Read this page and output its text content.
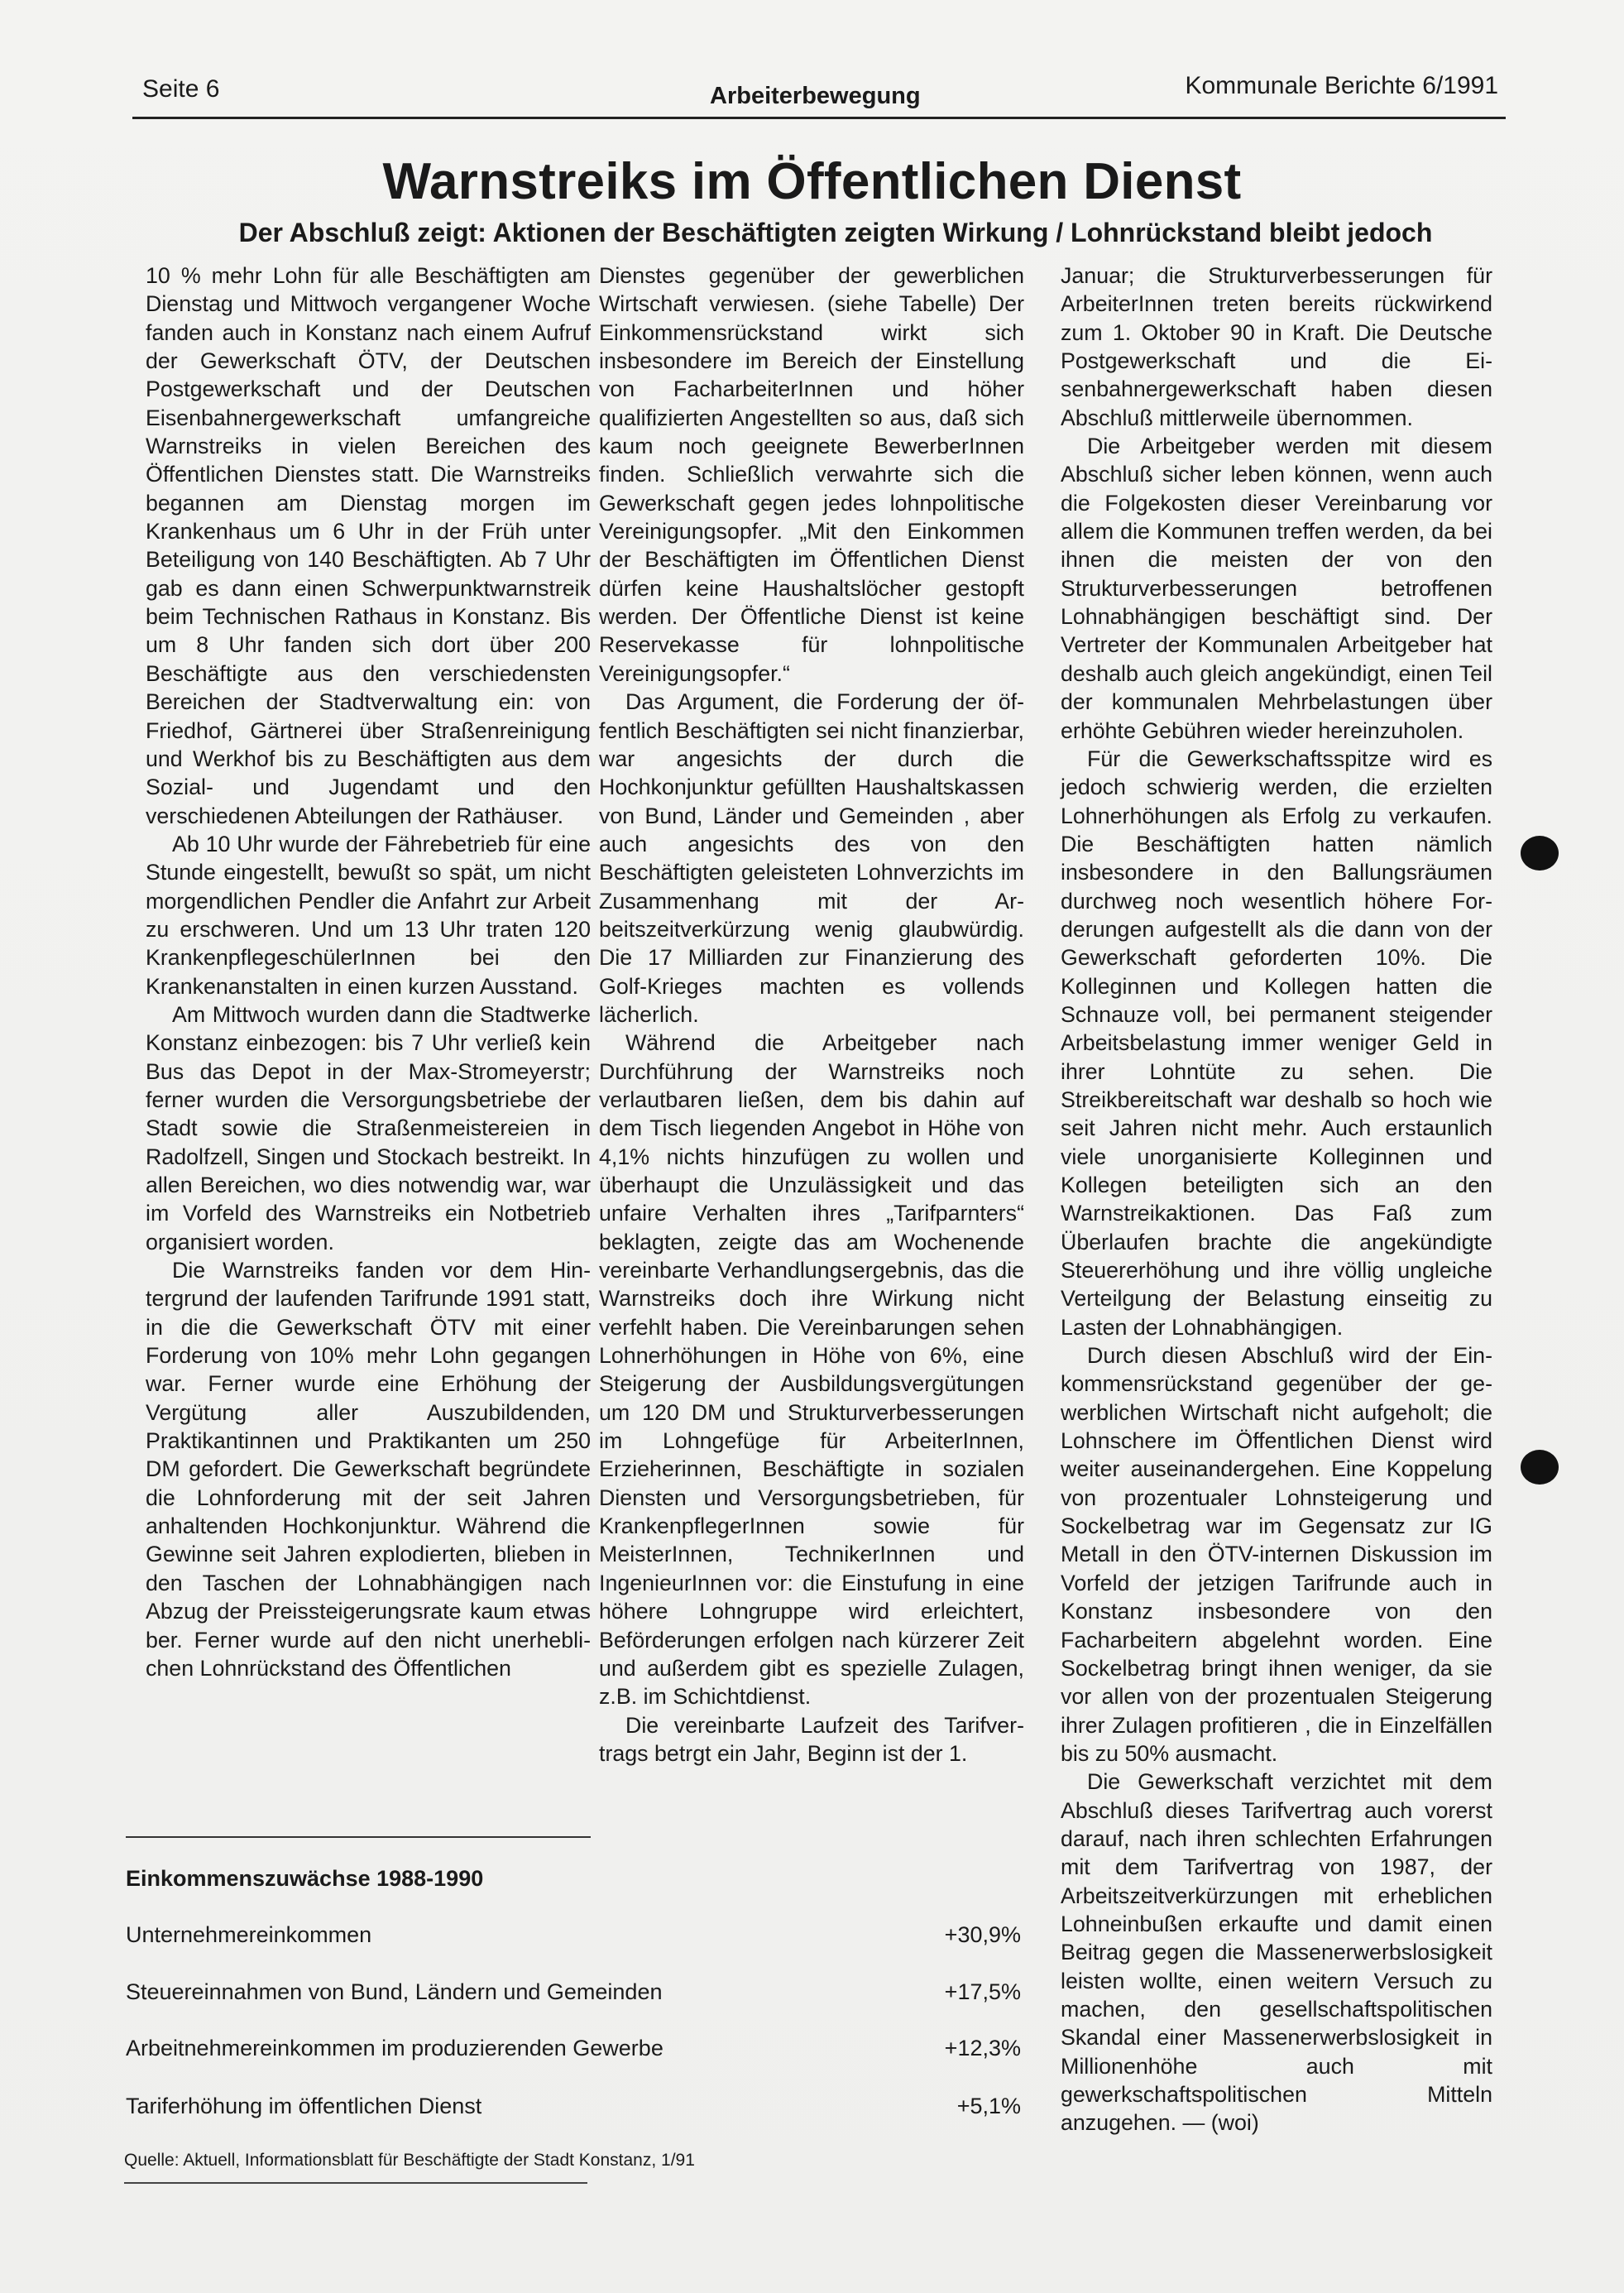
Seite 6	Arbeiterbewegung	Kommunale Berichte 6/1991
Warnstreiks im Öffentlichen Dienst
Der Abschluß zeigt: Aktionen der Beschäftigten zeigten Wirkung / Lohnrückstand bleibt jedoch

10 % mehr Lohn für alle Beschäftigten am Dienstag und Mittwoch vergangener Woche fanden auch in Konstanz nach einem Aufruf der Gewerkschaft ÖTV, der Deutschen Postgewerkschaft und der Deutschen Eisenbahnergewerkschaft umfangreiche Warnstreiks in vielen Bereichen des Öffentlichen Dienstes statt. Die Warnstreiks begannen am Dienstag morgen im Krankenhaus um 6 Uhr in der Früh unter Beteiligung von 140 Beschäftigten. Ab 7 Uhr gab es dann einen Schwerpunktwarnstreik beim Technischen Rathaus in Konstanz. Bis um 8 Uhr fanden sich dort über 200 Beschäftigte aus den verschiedensten Bereichen der Stadtverwaltung ein: von Friedhof, Gärtnerei über Straßenreinigung und Werkhof bis zu Beschäftigten aus dem Sozial- und Jugendamt und den verschiedenen Abteilungen der Rathäuser.

Ab 10 Uhr wurde der Fährebetrieb für eine Stunde eingestellt, bewußt so spät, um nicht morgendlichen Pendler die Anfahrt zur Arbeit zu erschweren. Und um 13 Uhr traten 120 KrankenpflegeschülerInnen bei den Krankenanstalten in einen kurzen Ausstand.

Am Mittwoch wurden dann die Stadtwerke Konstanz einbezogen: bis 7 Uhr verließ kein Bus das Depot in der Max-Stromeyerstr; ferner wurden die Versorgungsbetriebe der Stadt sowie die Straßenmeistereien in Radolfzell, Singen und Stockach bestreikt. In allen Bereichen, wo dies notwendig war, war im Vorfeld des Warnstreiks ein Notbetrieb organisiert worden.

Die Warnstreiks fanden vor dem Hintergrund der laufenden Tarifrunde 1991 statt, in die die Gewerkschaft ÖTV mit einer Forderung von 10% mehr Lohn gegangen war. Ferner wurde eine Erhöhung der Vergütung aller Auszubildenden, Praktikantinnen und Praktikanten um 250 DM gefordert. Die Gewerkschaft begründete die Lohnforderung mit der seit Jahren anhaltenden Hochkonjunktur. Während die Gewinne seit Jahren explodierten, blieben in den Taschen der Lohnabhängigen nach Abzug der Preissteigerungsrate kaum etwas ber. Ferner wurde auf den nicht unerheblichen Lohnrückstand des Öffentlichen

Dienstes gegenüber der gewerblichen Wirtschaft verwiesen. (siehe Tabelle) Der Einkommensrückstand wirkt sich insbesondere im Bereich der Einstellung von FacharbeiterInnen und höher qualifizierten Angestellten so aus, daß sich kaum noch geeignete BewerberInnen finden. Schließlich verwahrte sich die Gewerkschaft gegen jedes lohnpolitische Vereinigungsopfer. „Mit den Einkommen der Beschäftigten im Öffentlichen Dienst dürfen keine Haushaltslöcher gestopft werden. Der Öffentliche Dienst ist keine Reservekasse für lohnpolitische Vereinigungsopfer.“

Das Argument, die Forderung der öffentlich Beschäftigten sei nicht finanzierbar, war angesichts der durch die Hochkonjunktur gefüllten Haushaltskassen von Bund, Länder und Gemeinden , aber auch angesichts des von den Beschäftigten geleisteten Lohnverzichts im Zusammenhang mit der Arbeitszeitverkürzung wenig glaubwürdig. Die 17 Milliarden zur Finanzierung des Golf-Krieges machten es vollends lächerlich.

Während die Arbeitgeber nach Durchführung der Warnstreiks noch verlautbaren ließen, dem bis dahin auf dem Tisch liegenden Angebot in Höhe von 4,1% nichts hinzufügen zu wollen und überhaupt die Unzulässigkeit und das unfaire Verhalten ihres „Tarifparnters“ beklagten, zeigte das am Wochenende vereinbarte Verhandlungsergebnis, das die Warnstreiks doch ihre Wirkung nicht verfehlt haben. Die Vereinbarungen sehen Lohnerhöhungen in Höhe von 6%, eine Steigerung der Ausbildungsvergütungen um 120 DM und Strukturverbesserungen im Lohngefüge für ArbeiterInnen, Erzieherinnen, Beschäftigte in sozialen Diensten und Versorgungsbetrieben, für KrankenpflegerInnen sowie für MeisterInnen, TechnikerInnen und IngenieurInnen vor: die Einstufung in eine höhere Lohngruppe wird erleichtert, Beförderungen erfolgen nach kürzerer Zeit und außerdem gibt es spezielle Zulagen, z.B. im Schichtdienst.

Die vereinbarte Laufzeit des Tarifvertrags betrgt ein Jahr, Beginn ist der 1.

Januar; die Strukturverbesserungen für ArbeiterInnen treten bereits rückwirkend zum 1. Oktober 90 in Kraft. Die Deutsche Postgewerkschaft und die Eisenbahnergewerkschaft haben diesen Abschluß mittlerweile übernommen.

Die Arbeitgeber werden mit diesem Abschluß sicher leben können, wenn auch die Folgekosten dieser Vereinbarung vor allem die Kommunen treffen werden, da bei ihnen die meisten der von den Strukturverbesserungen betroffenen Lohnabhängigen beschäftigt sind. Der Vertreter der Kommunalen Arbeitgeber hat deshalb auch gleich angekündigt, einen Teil der kommunalen Mehrbelastungen über erhöhte Gebühren wieder hereinzuholen.

Für die Gewerkschaftsspitze wird es jedoch schwierig werden, die erzielten Lohnerhöhungen als Erfolg zu verkaufen. Die Beschäftigten hatten nämlich insbesondere in den Ballungsräumen durchweg noch wesentlich höhere Forderungen aufgestellt als die dann von der Gewerkschaft geforderten 10%. Die Kolleginnen und Kollegen hatten die Schnauze voll, bei permanent steigender Arbeitsbelastung immer weniger Geld in ihrer Lohntüte zu sehen. Die Streikbereitschaft war deshalb so hoch wie seit Jahren nicht mehr. Auch erstaunlich viele unorganisierte Kolleginnen und Kollegen beteiligten sich an den Warnstreikaktionen. Das Faß zum Überlaufen brachte die angekündigte Steuererhöhung und ihre völlig ungleiche Verteilgung der Belastung einseitig zu Lasten der Lohnabhängigen.

Durch diesen Abschluß wird der Einkommensrückstand gegenüber der gewerblichen Wirtschaft nicht aufgeholt; die Lohnschere im Öffentlichen Dienst wird weiter auseinandergehen. Eine Koppelung von prozentualer Lohnsteigerung und Sockelbetrag war im Gegensatz zur IG Metall in den ÖTV-internen Diskussion im Vorfeld der jetzigen Tarifrunde auch in Konstanz insbesondere von den Facharbeitern abgelehnt worden. Eine Sockelbetrag bringt ihnen weniger, da sie vor allen von der prozentualen Steigerung ihrer Zulagen profitieren , die in Einzelfällen bis zu 50% ausmacht.

Die Gewerkschaft verzichtet mit dem Abschluß dieses Tarifvertrag auch vorerst darauf, nach ihren schlechten Erfahrungen mit dem Tarifvertrag von 1987, der Arbeitszeitverkürzungen mit erheblichen Lohneinbußen erkaufte und damit einen Beitrag gegen die Massenerwerbslosigkeit leisten wollte, einen weitern Versuch zu machen, den gesellschaftspolitischen Skandal einer Massenerwerbslosigkeit in Millionenhöhe auch mit gewerkschaftspolitischen Mitteln anzugehen. — (woi)

Einkommenszuwächse 1988-1990
Unternehmereinkommen	+30,9%
Steuereinnahmen von Bund, Ländern und Gemeinden	+17,5%
Arbeitnehmereinkommen im produzierenden Gewerbe	+12,3%
Tariferhöhung im öffentlichen Dienst	+5,1%
Quelle: Aktuell, Informationsblatt für Beschäftigte der Stadt Konstanz, 1/91
